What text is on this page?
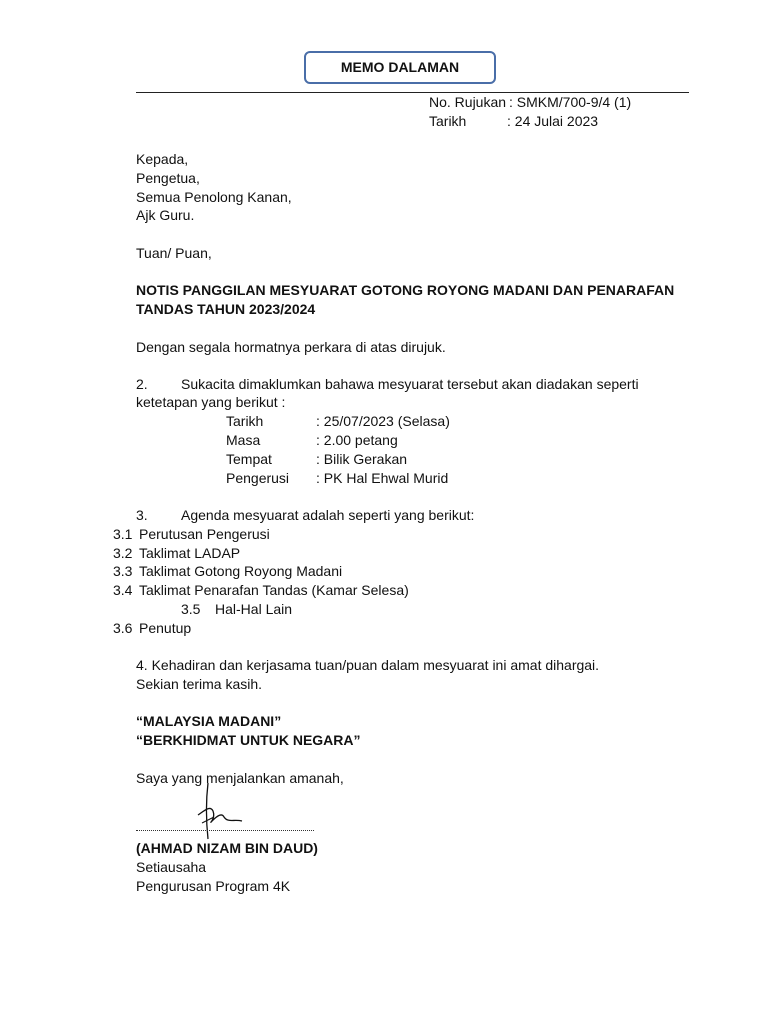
MEMO DALAMAN
No. Rujukan : SMKM/700-9/4 (1)
Tarikh	: 24 Julai 2023
Kepada,
Pengetua,
Semua Penolong Kanan,
Ajk Guru.
Tuan/ Puan,
NOTIS PANGGILAN MESYUARAT GOTONG ROYONG MADANI DAN PENARAFAN
TANDAS TAHUN 2023/2024
Dengan segala hormatnya perkara di atas dirujuk.
2. Sukacita dimaklumkan bahawa mesyuarat tersebut akan diadakan seperti
ketetapan yang berikut :
Tarikh	: 25/07/2023 (Selasa)
Masa	: 2.00 petang
Tempat	: Bilik Gerakan
Pengerusi : PK Hal Ehwal Murid
3. Agenda mesyuarat adalah seperti yang berikut:
3.1 Perutusan Pengerusi
3.2 Taklimat LADAP
3.3 Taklimat Gotong Royong Madani
3.4 Taklimat Penarafan Tandas (Kamar Selesa)
3.5 Hal-Hal Lain
3.6 Penutup
4. Kehadiran dan kerjasama tuan/puan dalam mesyuarat ini amat dihargai.
Sekian terima kasih.
“MALAYSIA MADANI”
“BERKHIDMAT UNTUK NEGARA”
Saya yang menjalankan amanah,
(AHMAD NIZAM BIN DAUD)
Setiausaha
Pengurusan Program 4K
